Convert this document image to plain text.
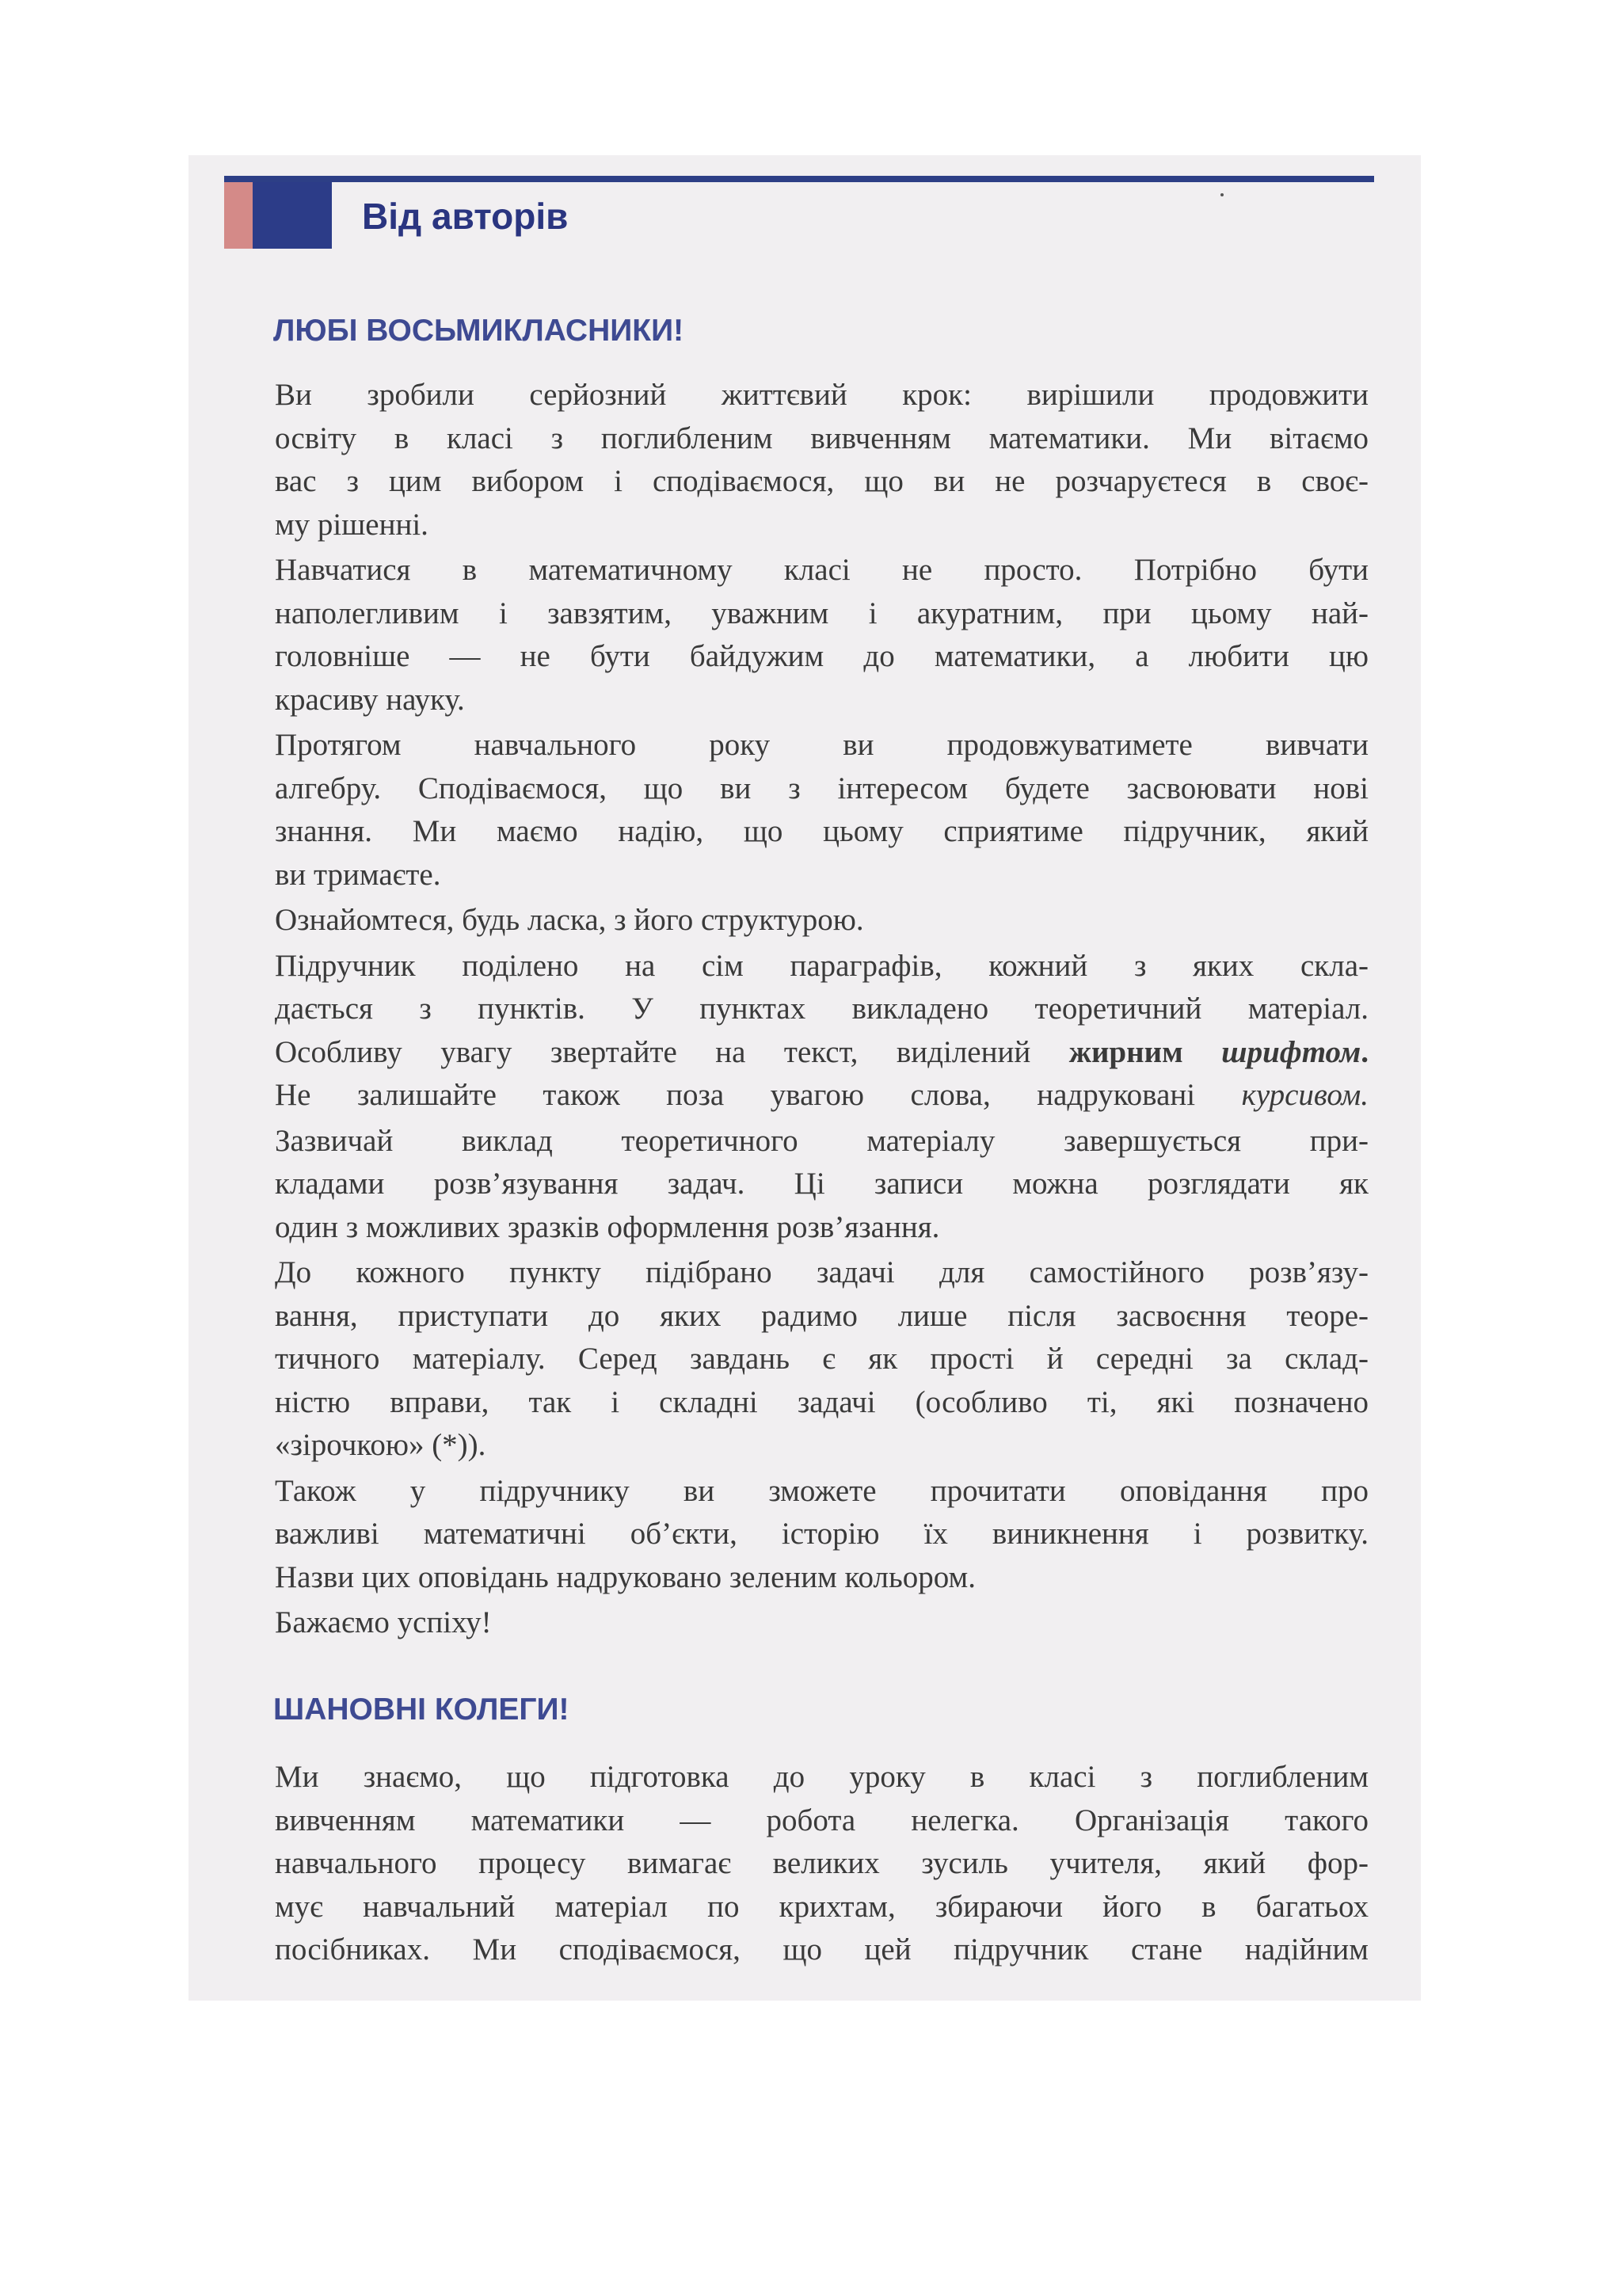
Від авторів
ЛЮБІ ВОСЬМИКЛАСНИКИ!

Ви зробили серйозний життєвий крок: вирішили продовжити
освіту в класі з поглибленим вивченням математики. Ми вітаємо
вас з цим вибором і сподіваємося, що ви не розчаруєтеся в своє-
му рішенні.

Навчатися в математичному класі не просто. Потрібно бути
наполегливим і завзятим, уважним і акуратним, при цьому най-
головніше — не бути байдужим до математики, а любити цю
красиву науку.

Протягом навчального року ви продовжуватимете вивчати
алгебру. Сподіваємося, що ви з інтересом будете засвоювати нові
знання. Ми маємо надію, що цьому сприятиме підручник, який
ви тримаєте.

Ознайомтеся, будь ласка, з його структурою.

Підручник поділено на сім параграфів, кожний з яких скла-
дається з пунктів. У пунктах викладено теоретичний матеріал.
Особливу увагу звертайте на текст, виділений жирним шрифтом.
Не залишайте також поза увагою слова, надруковані курсивом.

Зазвичай виклад теоретичного матеріалу завершується при-
кладами розв’язування задач. Ці записи можна розглядати як
один з можливих зразків оформлення розв’язання.

До кожного пункту підібрано задачі для самостійного розв’язу-
вання, приступати до яких радимо лише після засвоєння теоре-
тичного матеріалу. Серед завдань є як прості й середні за склад-
ністю вправи, так і складні задачі (особливо ті, які позначено
«зірочкою» (*)).

Також у підручнику ви зможете прочитати оповідання про
важливі математичні об’єкти, історію їх виникнення і розвитку.
Назви цих оповідань надруковано зеленим кольором.

Бажаємо успіху!

ШАНОВНІ КОЛЕГИ!

Ми знаємо, що підготовка до уроку в класі з поглибленим
вивченням математики — робота нелегка. Організація такого
навчального процесу вимагає великих зусиль учителя, який фор-
мує навчальний матеріал по крихтам, збираючи його в багатьох
посібниках. Ми сподіваємося, що цей підручник стане надійним
